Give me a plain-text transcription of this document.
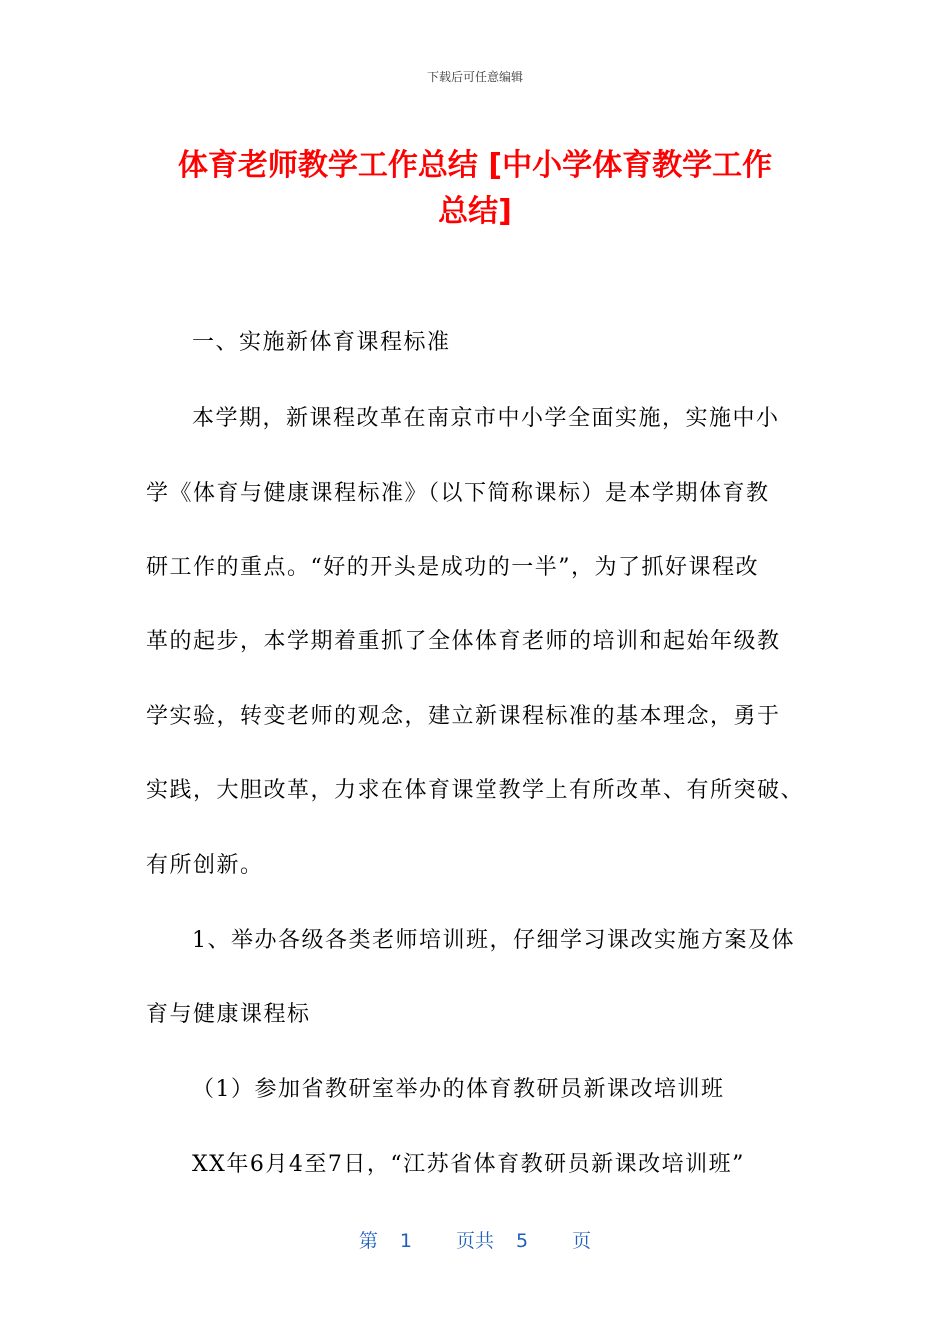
下载后可任意编辑
体育老师教学工作总结 [中小学体育教学工作
总结]
一、实施新体育课程标准
本学期，新课程改革在南京市中小学全面实施，实施中小
学《体育与健康课程标准》（以下简称课标）是本学期体育教
研工作的重点。“好的开头是成功的一半”，为了抓好课程改
革的起步，本学期着重抓了全体体育老师的培训和起始年级教
学实验，转变老师的观念，建立新课程标准的基本理念，勇于
实践，大胆改革，力求在体育课堂教学上有所改革、有所突破、
有所创新。
1、举办各级各类老师培训班，仔细学习课改实施方案及体
育与健康课程标
（1）参加省教研室举办的体育教研员新课改培训班
XX年6月4至7日，“江苏省体育教研员新课改培训班”
第 1 页共 5 页
